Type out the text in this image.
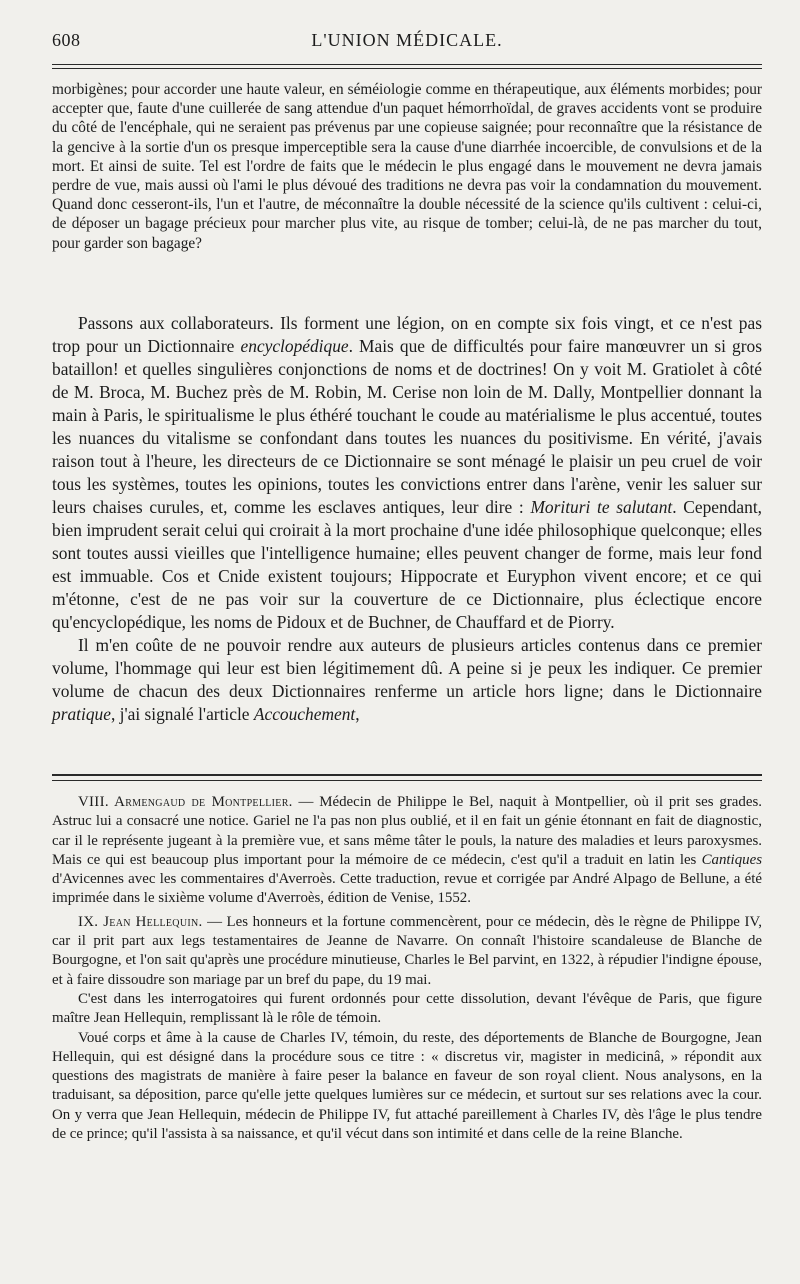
608	L'UNION MÉDICALE.

morbigènes; pour accorder une haute valeur, en séméiologie comme en thérapeutique, aux éléments morbides; pour accepter que, faute d'une cuillerée de sang attendue d'un paquet hémorrhoïdal, de graves accidents vont se produire du côté de l'encéphale, qui ne seraient pas prévenus par une copieuse saignée; pour reconnaître que la résistance de la gencive à la sortie d'un os presque imperceptible sera la cause d'une diarrhée incoercible, de convulsions et de la mort. Et ainsi de suite. Tel est l'ordre de faits que le médecin le plus engagé dans le mouvement ne devra jamais perdre de vue, mais aussi où l'ami le plus dévoué des traditions ne devra pas voir la condamnation du mouvement. Quand donc cesseront-ils, l'un et l'autre, de méconnaître la double nécessité de la science qu'ils cultivent : celui-ci, de déposer un bagage précieux pour marcher plus vite, au risque de tomber; celui-là, de ne pas marcher du tout, pour garder son bagage?

Passons aux collaborateurs. Ils forment une légion, on en compte six fois vingt, et ce n'est pas trop pour un Dictionnaire encyclopédique. Mais que de difficultés pour faire manœuvrer un si gros bataillon! et quelles singulières conjonctions de noms et de doctrines! On y voit M. Gratiolet à côté de M. Broca, M. Buchez près de M. Robin, M. Cerise non loin de M. Dally, Montpellier donnant la main à Paris, le spiritualisme le plus éthéré touchant le coude au matérialisme le plus accentué, toutes les nuances du vitalisme se confondant dans toutes les nuances du positivisme. En vérité, j'avais raison tout à l'heure, les directeurs de ce Dictionnaire se sont ménagé le plaisir un peu cruel de voir tous les systèmes, toutes les opinions, toutes les convictions entrer dans l'arène, venir les saluer sur leurs chaises curules, et, comme les esclaves antiques, leur dire : Morituri te salutant. Cependant, bien imprudent serait celui qui croirait à la mort prochaine d'une idée philosophique quelconque; elles sont toutes aussi vieilles que l'intelligence humaine; elles peuvent changer de forme, mais leur fond est immuable. Cos et Cnide existent toujours; Hippocrate et Euryphon vivent encore; et ce qui m'étonne, c'est de ne pas voir sur la couverture de ce Dictionnaire, plus éclectique encore qu'encyclopédique, les noms de Pidoux et de Buchner, de Chauffard et de Piorry.

Il m'en coûte de ne pouvoir rendre aux auteurs de plusieurs articles contenus dans ce premier volume, l'hommage qui leur est bien légitimement dû. A peine si je peux les indiquer. Ce premier volume de chacun des deux Dictionnaires renferme un article hors ligne; dans le Dictionnaire pratique, j'ai signalé l'article Accouchement,

VIII. Armengaud de Montpellier. — Médecin de Philippe le Bel, naquit à Montpellier, où il prit ses grades. Astruc lui a consacré une notice. Gariel ne l'a pas non plus oublié, et il en fait un génie étonnant en fait de diagnostic, car il le représente jugeant à la première vue, et sans même tâter le pouls, la nature des maladies et leurs paroxysmes. Mais ce qui est beaucoup plus important pour la mémoire de ce médecin, c'est qu'il a traduit en latin les Cantiques d'Avicennes avec les commentaires d'Averroès. Cette traduction, revue et corrigée par André Alpago de Bellune, a été imprimée dans le sixième volume d'Averroès, édition de Venise, 1552.

IX. Jean Hellequin. — Les honneurs et la fortune commencèrent, pour ce médecin, dès le règne de Philippe IV, car il prit part aux legs testamentaires de Jeanne de Navarre. On connaît l'histoire scandaleuse de Blanche de Bourgogne, et l'on sait qu'après une procédure minutieuse, Charles le Bel parvint, en 1322, à répudier l'indigne épouse, et à faire dissoudre son mariage par un bref du pape, du 19 mai.

C'est dans les interrogatoires qui furent ordonnés pour cette dissolution, devant l'évêque de Paris, que figure maître Jean Hellequin, remplissant là le rôle de témoin.

Voué corps et âme à la cause de Charles IV, témoin, du reste, des déportements de Blanche de Bourgogne, Jean Hellequin, qui est désigné dans la procédure sous ce titre : « discretus vir, magister in medicinâ, » répondit aux questions des magistrats de manière à faire peser la balance en faveur de son royal client. Nous analysons, en la traduisant, sa déposition, parce qu'elle jette quelques lumières sur ce médecin, et surtout sur ses relations avec la cour. On y verra que Jean Hellequin, médecin de Philippe IV, fut attaché pareillement à Charles IV, dès l'âge le plus tendre de ce prince; qu'il l'assista à sa naissance, et qu'il vécut dans son intimité et dans celle de la reine Blanche.
